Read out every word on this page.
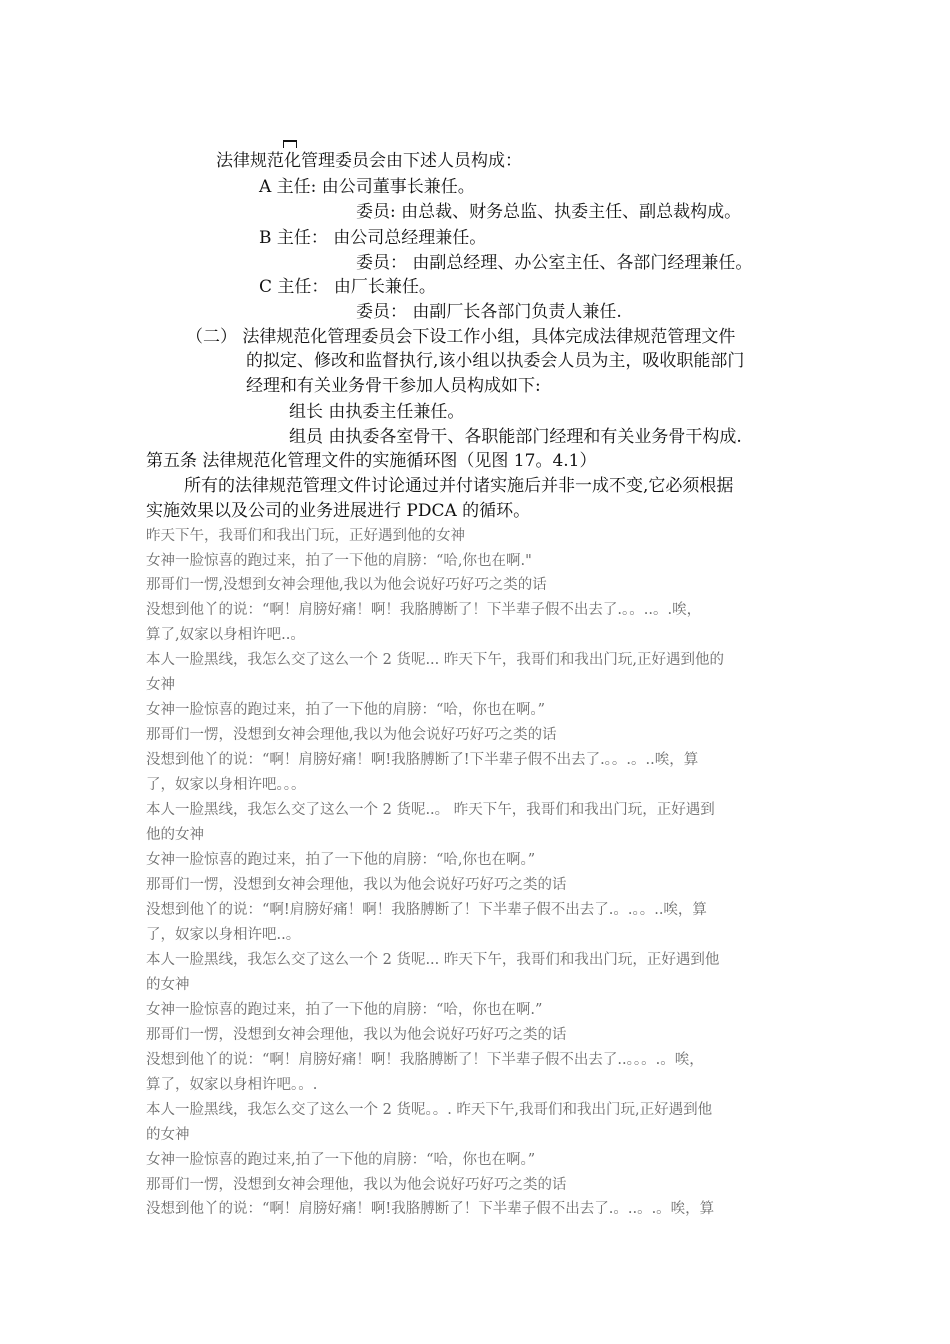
法律规范化管理委员会由下述人员构成：
A 主任: 由公司董事长兼任。
委员: 由总裁、财务总监、执委主任、副总裁构成。
B 主任： 由公司总经理兼任。
委员： 由副总经理、办公室主任、各部门经理兼任。
C 主任： 由厂长兼任。
委员： 由副厂长各部门负责人兼任.
（二） 法律规范化管理委员会下设工作小组，具体完成法律规范管理文件
的拟定、修改和监督执行,该小组以执委会人员为主，吸收职能部门
经理和有关业务骨干参加人员构成如下:
组长 由执委主任兼任。
组员 由执委各室骨干、各职能部门经理和有关业务骨干构成.
第五条 法律规范化管理文件的实施循环图（见图 17。4.1）
所有的法律规范管理文件讨论通过并付诸实施后并非一成不变,它必须根据
实施效果以及公司的业务进展进行 PDCA 的循环。
昨天下午，我哥们和我出门玩，正好遇到他的女神
女神一脸惊喜的跑过来，拍了一下他的肩膀：“哈,你也在啊."
那哥们一愣,没想到女神会理他,我以为他会说好巧好巧之类的话
没想到他丫的说：“啊！肩膀好痛！啊！我胳膊断了！下半辈子假不出去了.。。..。.唉，
算了,奴家以身相许吧..。
本人一脸黑线，我怎么交了这么一个 2 货呢... 昨天下午，我哥们和我出门玩,正好遇到他的
女神
女神一脸惊喜的跑过来，拍了一下他的肩膀：“哈，你也在啊。”
那哥们一愣，没想到女神会理他,我以为他会说好巧好巧之类的话
没想到他丫的说：“啊！肩膀好痛！啊!我胳膊断了!下半辈子假不出去了.。。.。..唉，算
了，奴家以身相许吧。。。
本人一脸黑线，我怎么交了这么一个 2 货呢..。 昨天下午，我哥们和我出门玩，正好遇到
他的女神
女神一脸惊喜的跑过来，拍了一下他的肩膀：“哈,你也在啊。”
那哥们一愣，没想到女神会理他，我以为他会说好巧好巧之类的话
没想到他丫的说：“啊!肩膀好痛！啊！我胳膊断了！下半辈子假不出去了.。.。。..唉，算
了，奴家以身相许吧..。
本人一脸黑线，我怎么交了这么一个 2 货呢... 昨天下午，我哥们和我出门玩，正好遇到他
的女神
女神一脸惊喜的跑过来，拍了一下他的肩膀：“哈，你也在啊.”
那哥们一愣，没想到女神会理他，我以为他会说好巧好巧之类的话
没想到他丫的说：“啊！肩膀好痛！啊！我胳膊断了！下半辈子假不出去了..。。。.。唉，
算了，奴家以身相许吧。。.
本人一脸黑线，我怎么交了这么一个 2 货呢。。. 昨天下午,我哥们和我出门玩,正好遇到他
的女神
女神一脸惊喜的跑过来,拍了一下他的肩膀：“哈，你也在啊。”
那哥们一愣，没想到女神会理他，我以为他会说好巧好巧之类的话
没想到他丫的说：“啊！肩膀好痛！啊!我胳膊断了！下半辈子假不出去了.。..。.。唉，算
